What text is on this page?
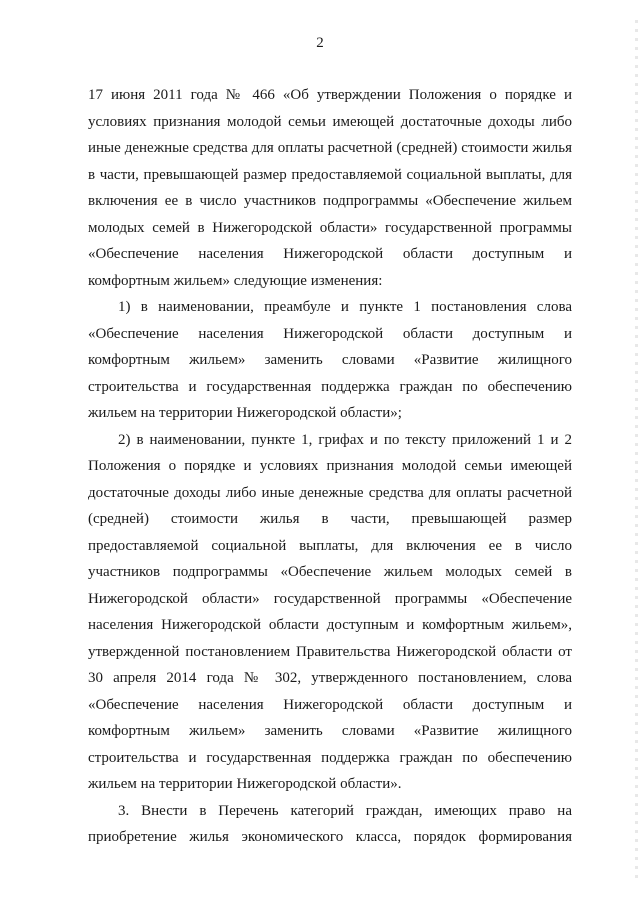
2
17 июня 2011 года № 466 «Об утверждении Положения о порядке и
условиях признания молодой семьи имеющей достаточные доходы либо
иные денежные средства для оплаты расчетной (средней) стоимости жилья
в части, превышающей размер предоставляемой социальной выплаты, для
включения ее в число участников подпрограммы «Обеспечение жильем
молодых семей в Нижегородской области» государственной программы
«Обеспечение населения Нижегородской области доступным и
комфортным жильем» следующие изменения:
1) в наименовании, преамбуле и пункте 1 постановления слова
«Обеспечение населения Нижегородской области доступным и
комфортным жильем» заменить словами «Развитие жилищного
строительства и государственная поддержка граждан по обеспечению
жильем на территории Нижегородской области»;
2) в наименовании, пункте 1, грифах и по тексту приложений 1 и 2
Положения о порядке и условиях признания молодой семьи имеющей
достаточные доходы либо иные денежные средства для оплаты расчетной
(средней) стоимости жилья в части, превышающей размер
предоставляемой социальной выплаты, для включения ее в число
участников подпрограммы «Обеспечение жильем молодых семей в
Нижегородской области» государственной программы «Обеспечение
населения Нижегородской области доступным и комфортным жильем»,
утвержденной постановлением Правительства Нижегородской области от
30 апреля 2014 года № 302, утвержденного постановлением, слова
«Обеспечение населения Нижегородской области доступным и
комфортным жильем» заменить словами «Развитие жилищного
строительства и государственная поддержка граждан по обеспечению
жильем на территории Нижегородской области».
3. Внести в Перечень категорий граждан, имеющих право на
приобретение жилья экономического класса, порядок формирования
